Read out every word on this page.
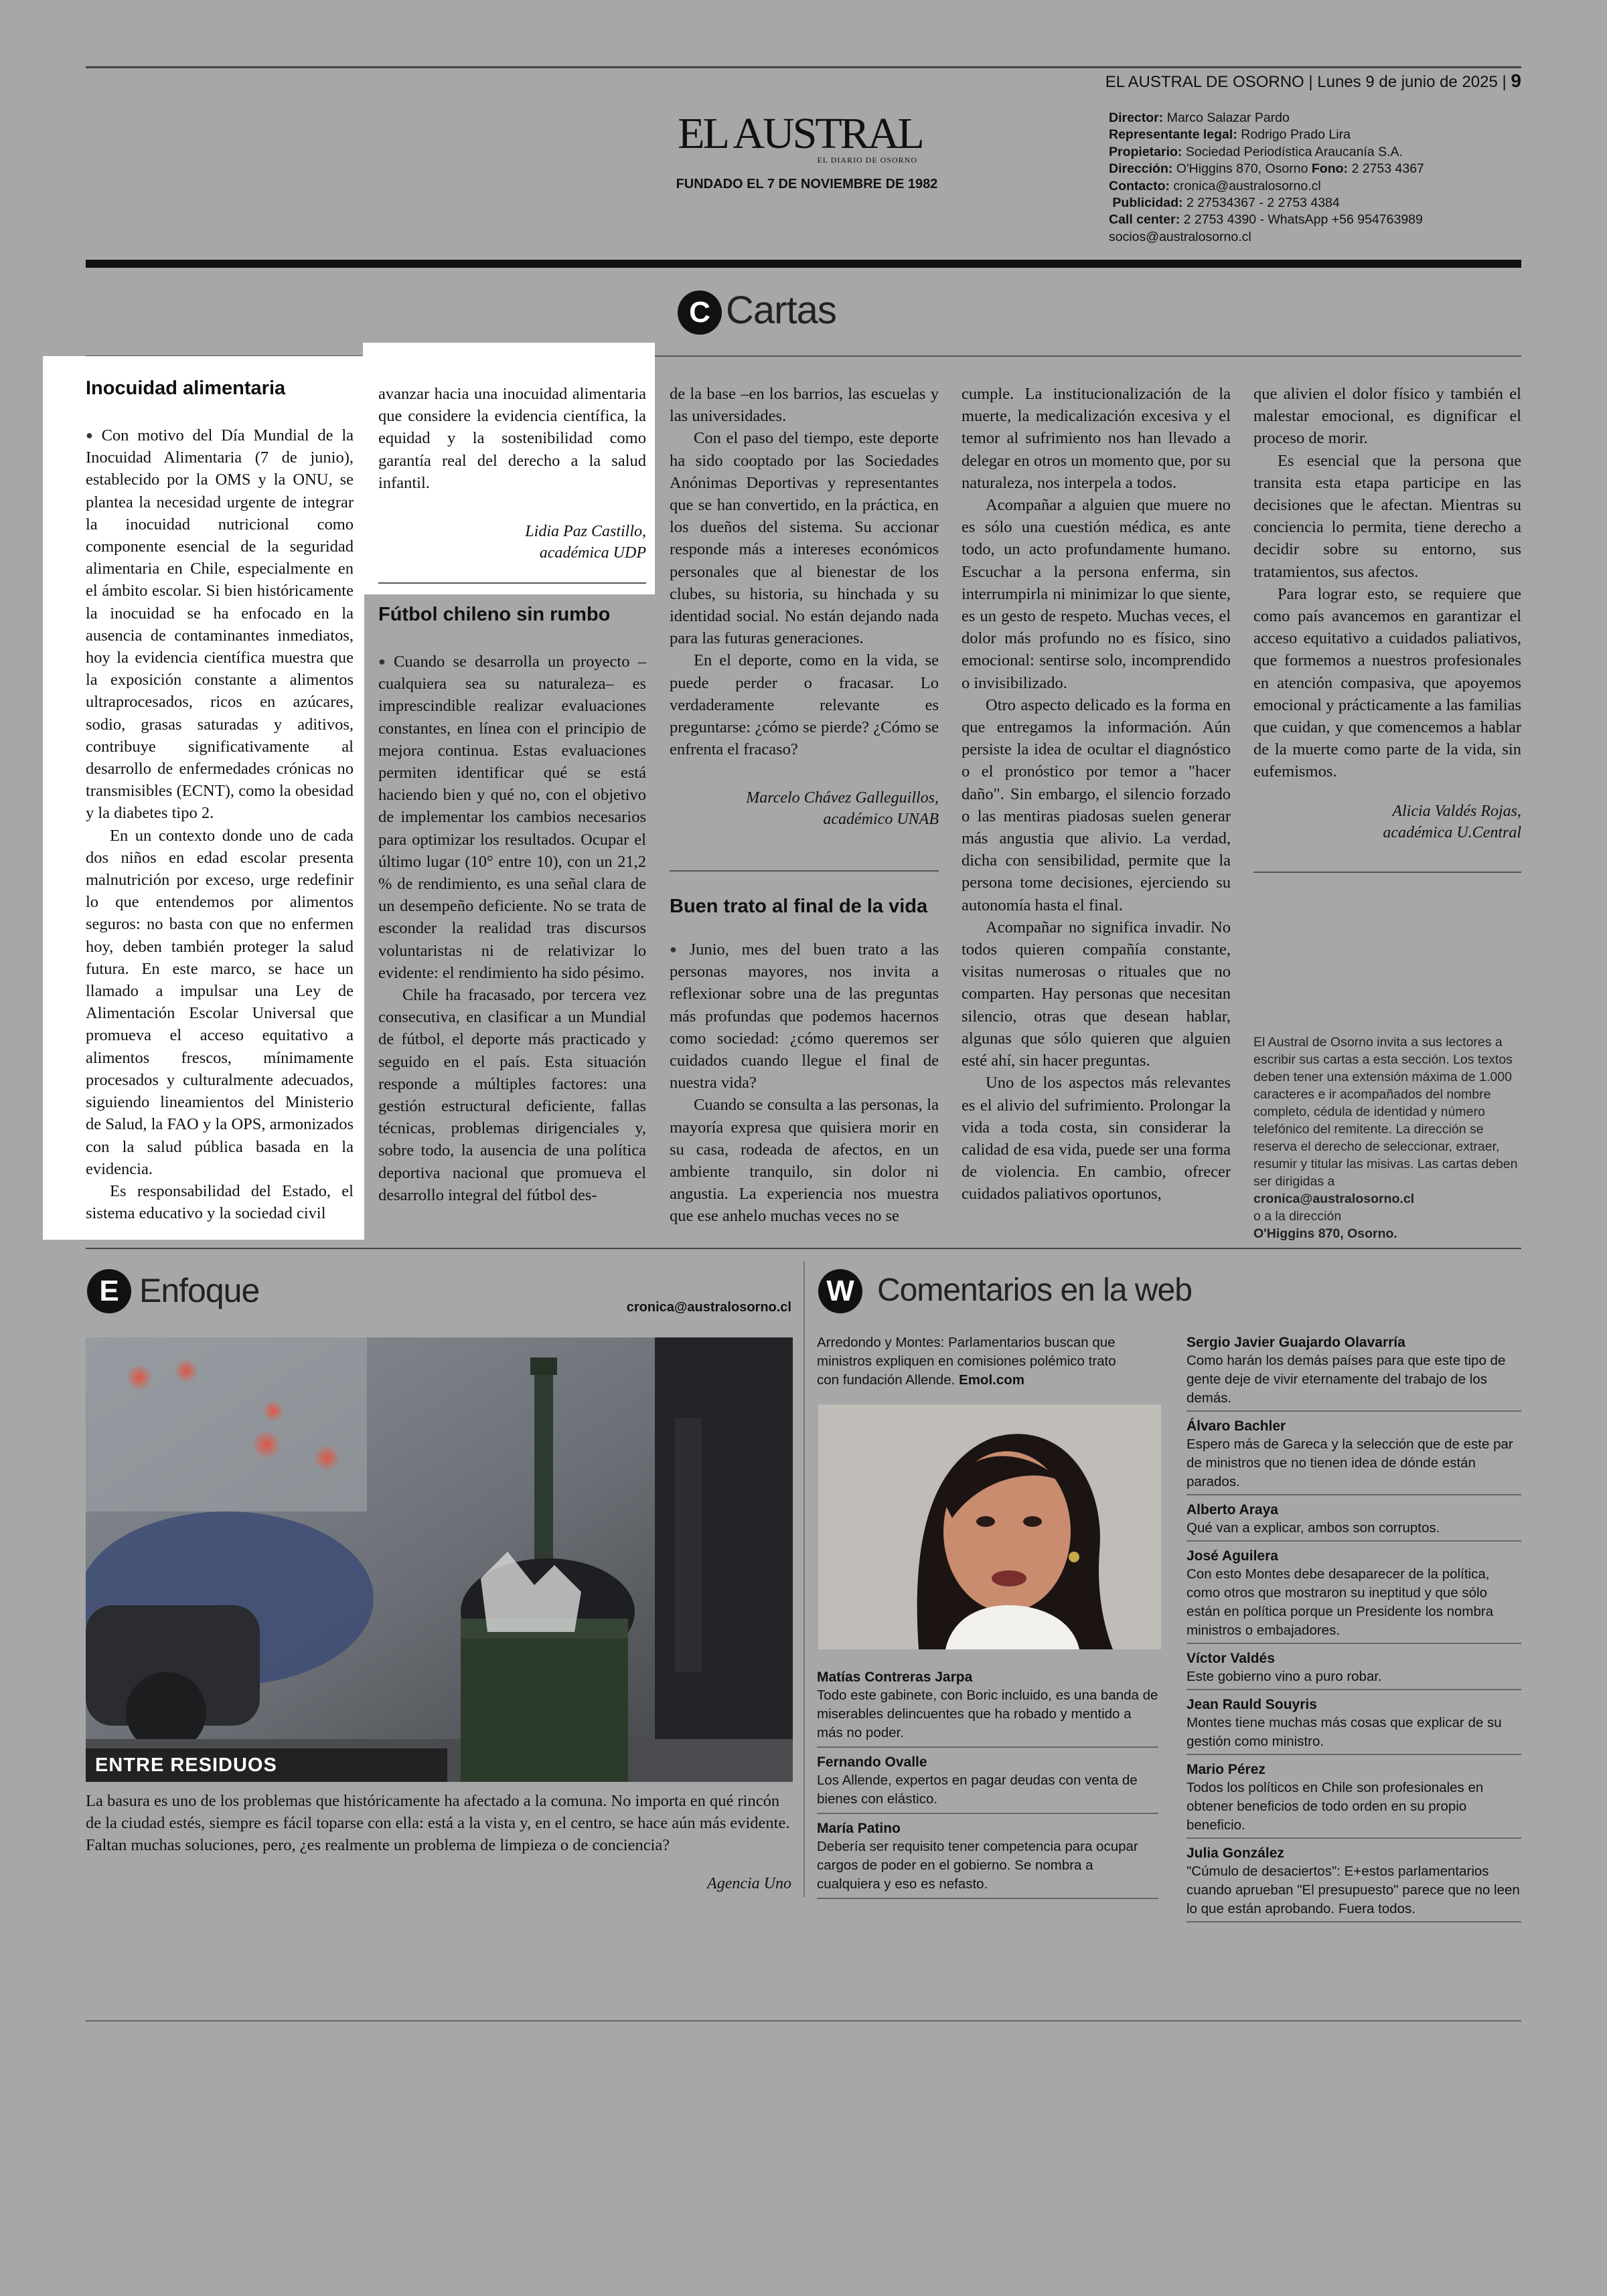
EL AUSTRAL DE OSORNO | Lunes 9 de junio de 2025 | 9
EL AUSTRAL
EL DIARIO DE OSORNO
FUNDADO EL 7 DE NOVIEMBRE DE 1982
Director: Marco Salazar Pardo
Representante legal: Rodrigo Prado Lira
Propietario: Sociedad Periodística Araucanía S.A.
Dirección: O'Higgins 870, Osorno Fono: 2 2753 4367
Contacto: cronica@australosorno.cl
Publicidad: 2 27534367 - 2 2753 4384
Call center: 2 2753 4390 - WhatsApp +56 954763989
socios@australosorno.cl
C Cartas
Inocuidad alimentaria

● Con motivo del Día Mundial de la Inocuidad Alimentaria (7 de junio), establecido por la OMS y la ONU, se plantea la necesidad urgente de integrar la inocuidad nutricional como componente esencial de la seguridad alimentaria en Chile, especialmente en el ámbito escolar. Si bien históricamente la inocuidad se ha enfocado en la ausencia de contaminantes inmediatos, hoy la evidencia científica muestra que la exposición constante a alimentos ultraprocesados, ricos en azúcares, sodio, grasas saturadas y aditivos, contribuye significativamente al desarrollo de enfermedades crónicas no transmisibles (ECNT), como la obesidad y la diabetes tipo 2.

En un contexto donde uno de cada dos niños en edad escolar presenta malnutrición por exceso, urge redefinir lo que entendemos por alimentos seguros: no basta con que no enfermen hoy, deben también proteger la salud futura. En este marco, se hace un llamado a impulsar una Ley de Alimentación Escolar Universal que promueva el acceso equitativo a alimentos frescos, mínimamente procesados y culturalmente adecuados, siguiendo lineamientos del Ministerio de Salud, la FAO y la OPS, armonizados con la salud pública basada en la evidencia.

Es responsabilidad del Estado, el sistema educativo y la sociedad civil

avanzar hacia una inocuidad alimentaria que considere la evidencia científica, la equidad y la sostenibilidad como garantía real del derecho a la salud infantil.

Lidia Paz Castillo,
académica UDP
Fútbol chileno sin rumbo

● Cuando se desarrolla un proyecto –cualquiera sea su naturaleza– es imprescindible realizar evaluaciones constantes, en línea con el principio de mejora continua. Estas evaluaciones permiten identificar qué se está haciendo bien y qué no, con el objetivo de implementar los cambios necesarios para optimizar los resultados. Ocupar el último lugar (10° entre 10), con un 21,2 % de rendimiento, es una señal clara de un desempeño deficiente. No se trata de esconder la realidad tras discursos voluntaristas ni de relativizar lo evidente: el rendimiento ha sido pésimo.

Chile ha fracasado, por tercera vez consecutiva, en clasificar a un Mundial de fútbol, el deporte más practicado y seguido en el país. Esta situación responde a múltiples factores: una gestión estructural deficiente, fallas técnicas, problemas dirigenciales y, sobre todo, la ausencia de una política deportiva nacional que promueva el desarrollo integral del fútbol des-

de la base –en los barrios, las escuelas y las universidades.

Con el paso del tiempo, este deporte ha sido cooptado por las Sociedades Anónimas Deportivas y representantes que se han convertido, en la práctica, en los dueños del sistema. Su accionar responde más a intereses económicos personales que al bienestar de los clubes, su historia, su hinchada y su identidad social. No están dejando nada para las futuras generaciones.

En el deporte, como en la vida, se puede perder o fracasar. Lo verdaderamente relevante es preguntarse: ¿cómo se pierde? ¿Cómo se enfrenta el fracaso?

Marcelo Chávez Galleguillos,
académico UNAB
Buen trato al final de la vida

● Junio, mes del buen trato a las personas mayores, nos invita a reflexionar sobre una de las preguntas más profundas que podemos hacernos como sociedad: ¿cómo queremos ser cuidados cuando llegue el final de nuestra vida?

Cuando se consulta a las personas, la mayoría expresa que quisiera morir en su casa, rodeada de afectos, en un ambiente tranquilo, sin dolor ni angustia. La experiencia nos muestra que ese anhelo muchas veces no se

cumple. La institucionalización de la muerte, la medicalización excesiva y el temor al sufrimiento nos han llevado a delegar en otros un momento que, por su naturaleza, nos interpela a todos.

Acompañar a alguien que muere no es sólo una cuestión médica, es ante todo, un acto profundamente humano. Escuchar a la persona enferma, sin interrumpirla ni minimizar lo que siente, es un gesto de respeto. Muchas veces, el dolor más profundo no es físico, sino emocional: sentirse solo, incomprendido o invisibilizado.

Otro aspecto delicado es la forma en que entregamos la información. Aún persiste la idea de ocultar el diagnóstico o el pronóstico por temor a "hacer daño". Sin embargo, el silencio forzado o las mentiras piadosas suelen generar más angustia que alivio. La verdad, dicha con sensibilidad, permite que la persona tome decisiones, ejerciendo su autonomía hasta el final.

Acompañar no significa invadir. No todos quieren compañía constante, visitas numerosas o rituales que no comparten. Hay personas que necesitan silencio, otras que desean hablar, algunas que sólo quieren que alguien esté ahí, sin hacer preguntas.

Uno de los aspectos más relevantes es el alivio del sufrimiento. Prolongar la vida a toda costa, sin considerar la calidad de esa vida, puede ser una forma de violencia. En cambio, ofrecer cuidados paliativos oportunos,

que alivien el dolor físico y también el malestar emocional, es dignificar el proceso de morir.

Es esencial que la persona que transita esta etapa participe en las decisiones que le afectan. Mientras su conciencia lo permita, tiene derecho a decidir sobre su entorno, sus tratamientos, sus afectos.

Para lograr esto, se requiere que como país avancemos en garantizar el acceso equitativo a cuidados paliativos, que formemos a nuestros profesionales en atención compasiva, que apoyemos emocional y prácticamente a las familias que cuidan, y que comencemos a hablar de la muerte como parte de la vida, sin eufemismos.

Alicia Valdés Rojas,
académica U.Central
El Austral de Osorno invita a sus lectores a escribir sus cartas a esta sección. Los textos deben tener una extensión máxima de 1.000 caracteres e ir acompañados del nombre completo, cédula de identidad y número telefónico del remitente. La dirección se reserva el derecho de seleccionar, extraer, resumir y titular las misivas. Las cartas deben ser dirigidas a
cronica@australosorno.cl
o a la dirección
O'Higgins 870, Osorno.
E Enfoque	cronica@australosorno.cl
ENTRE RESIDUOS
La basura es uno de los problemas que históricamente ha afectado a la comuna. No importa en qué rincón de la ciudad estés, siempre es fácil toparse con ella: está a la vista y, en el centro, se hace aún más evidente. Faltan muchas soluciones, pero, ¿es realmente un problema de limpieza o de conciencia?
Agencia Uno
W Comentarios en la web
Arredondo y Montes: Parlamentarios buscan que ministros expliquen en comisiones polémico trato con fundación Allende. Emol.com
Matías Contreras Jarpa
Todo este gabinete, con Boric incluido, es una banda de miserables delincuentes que ha robado y mentido a más no poder.
Fernando Ovalle
Los Allende, expertos en pagar deudas con venta de bienes con elástico.
María Patino
Debería ser requisito tener competencia para ocupar cargos de poder en el gobierno. Se nombra a cualquiera y eso es nefasto.
Sergio Javier Guajardo Olavarría
Como harán los demás países para que este tipo de gente deje de vivir eternamente del trabajo de los demás.
Álvaro Bachler
Espero más de Gareca y la selección que de este par de ministros que no tienen idea de dónde están parados.
Alberto Araya
Qué van a explicar, ambos son corruptos.
José Aguilera
Con esto Montes debe desaparecer de la política, como otros que mostraron su ineptitud y que sólo están en política porque un Presidente los nombra ministros o embajadores.
Víctor Valdés
Este gobierno vino a puro robar.
Jean Rauld Souyris
Montes tiene muchas más cosas que explicar de su gestión como ministro.
Mario Pérez
Todos los políticos en Chile son profesionales en obtener beneficios de todo orden en su propio beneficio.
Julia González
"Cúmulo de desaciertos": E+estos parlamentarios cuando aprueban "El presupuesto" parece que no leen lo que están aprobando. Fuera todos.
